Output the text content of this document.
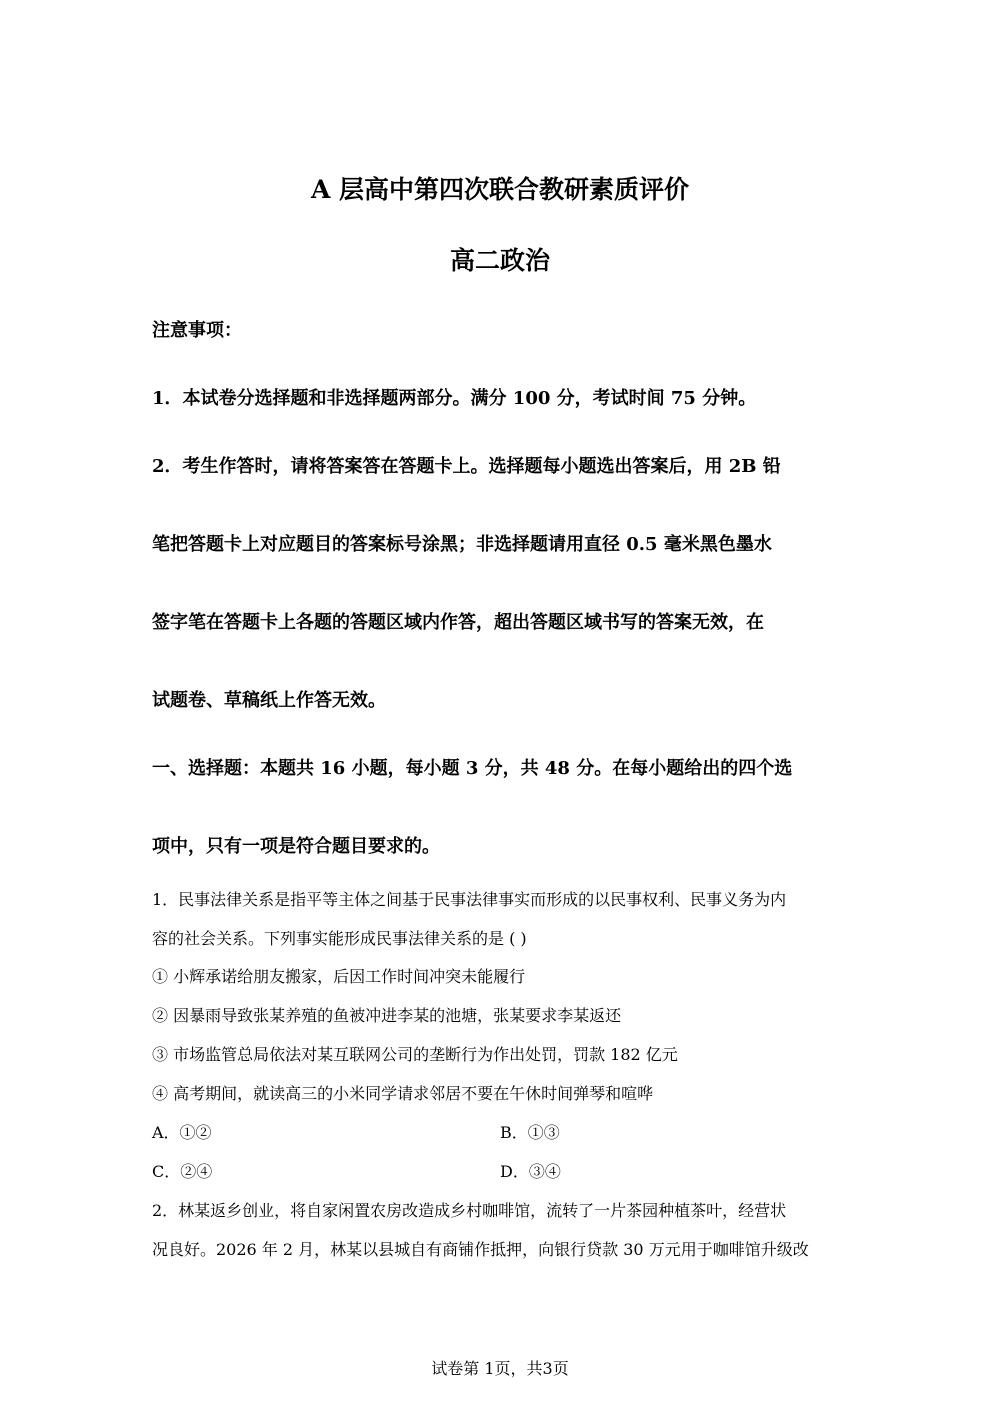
A 层高中第四次联合教研素质评价
高二政治

注意事项：

1．本试卷分选择题和非选择题两部分。满分 100 分，考试时间 75 分钟。

2．考生作答时，请将答案答在答题卡上。选择题每小题选出答案后，用 2B 铅

笔把答题卡上对应题目的答案标号涂黑；非选择题请用直径 0.5 毫米黑色墨水

签字笔在答题卡上各题的答题区域内作答，超出答题区域书写的答案无效，在

试题卷、草稿纸上作答无效。

一、选择题：本题共 16 小题，每小题 3 分，共 48 分。在每小题给出的四个选

项中，只有一项是符合题目要求的。

1．民事法律关系是指平等主体之间基于民事法律事实而形成的以民事权利、民事义务为内

容的社会关系。下列事实能形成民事法律关系的是 ( )

① 小辉承诺给朋友搬家，后因工作时间冲突未能履行

② 因暴雨导致张某养殖的鱼被冲进李某的池塘，张某要求李某返还

③ 市场监管总局依法对某互联网公司的垄断行为作出处罚，罚款 182 亿元

④ 高考期间，就读高三的小米同学请求邻居不要在午休时间弹琴和喧哗

A．①②	B．①③

C．②④	D．③④

2．林某返乡创业，将自家闲置农房改造成乡村咖啡馆，流转了一片茶园种植茶叶，经营状

况良好。2026 年 2 月，林某以县城自有商铺作抵押，向银行贷款 30 万元用于咖啡馆升级改

试卷第 1页，共3页
